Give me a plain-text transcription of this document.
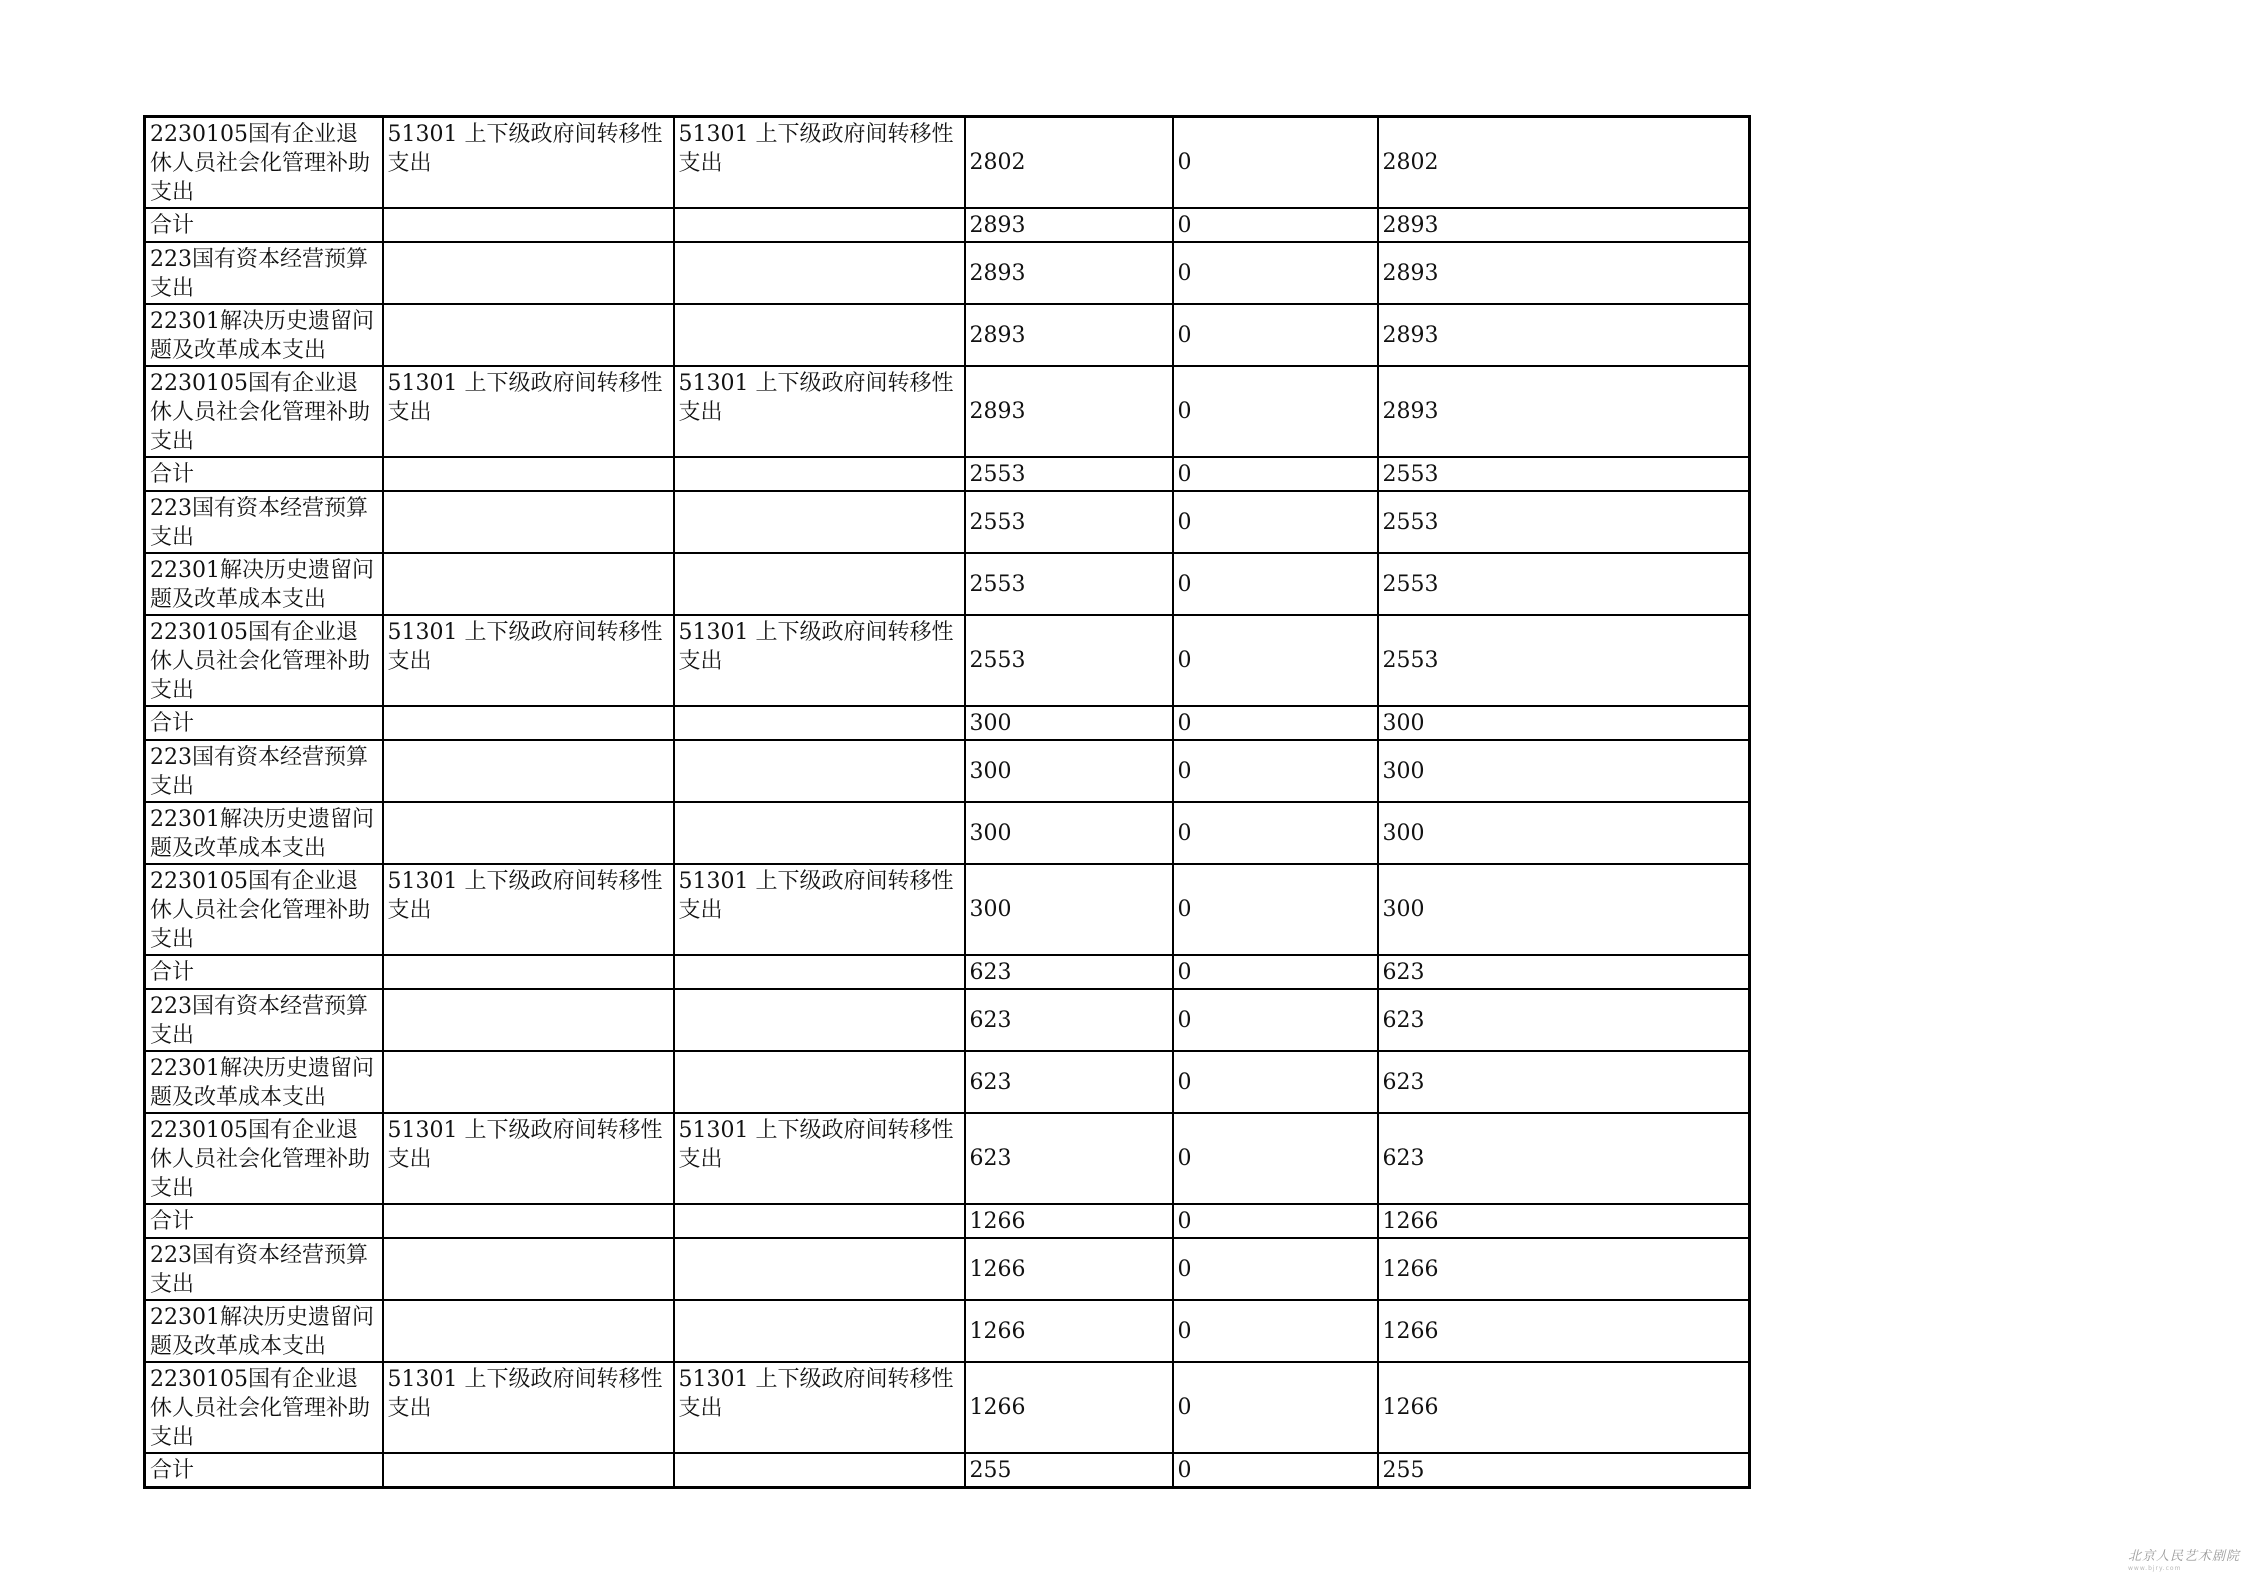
2230105国有企业退休人员社会化管理补助支出	51301 上下级政府间转移性支出	51301 上下级政府间转移性支出	2802	0	2802
合计			2893	0	2893
223国有资本经营预算支出			2893	0	2893
22301解决历史遗留问题及改革成本支出			2893	0	2893
2230105国有企业退休人员社会化管理补助支出	51301 上下级政府间转移性支出	51301 上下级政府间转移性支出	2893	0	2893
合计			2553	0	2553
223国有资本经营预算支出			2553	0	2553
22301解决历史遗留问题及改革成本支出			2553	0	2553
2230105国有企业退休人员社会化管理补助支出	51301 上下级政府间转移性支出	51301 上下级政府间转移性支出	2553	0	2553
合计			300	0	300
223国有资本经营预算支出			300	0	300
22301解决历史遗留问题及改革成本支出			300	0	300
2230105国有企业退休人员社会化管理补助支出	51301 上下级政府间转移性支出	51301 上下级政府间转移性支出	300	0	300
合计			623	0	623
223国有资本经营预算支出			623	0	623
22301解决历史遗留问题及改革成本支出			623	0	623
2230105国有企业退休人员社会化管理补助支出	51301 上下级政府间转移性支出	51301 上下级政府间转移性支出	623	0	623
合计			1266	0	1266
223国有资本经营预算支出			1266	0	1266
22301解决历史遗留问题及改革成本支出			1266	0	1266
2230105国有企业退休人员社会化管理补助支出	51301 上下级政府间转移性支出	51301 上下级政府间转移性支出	1266	0	1266
合计			255	0	255
北京人民艺术剧院
www.bjry.com
